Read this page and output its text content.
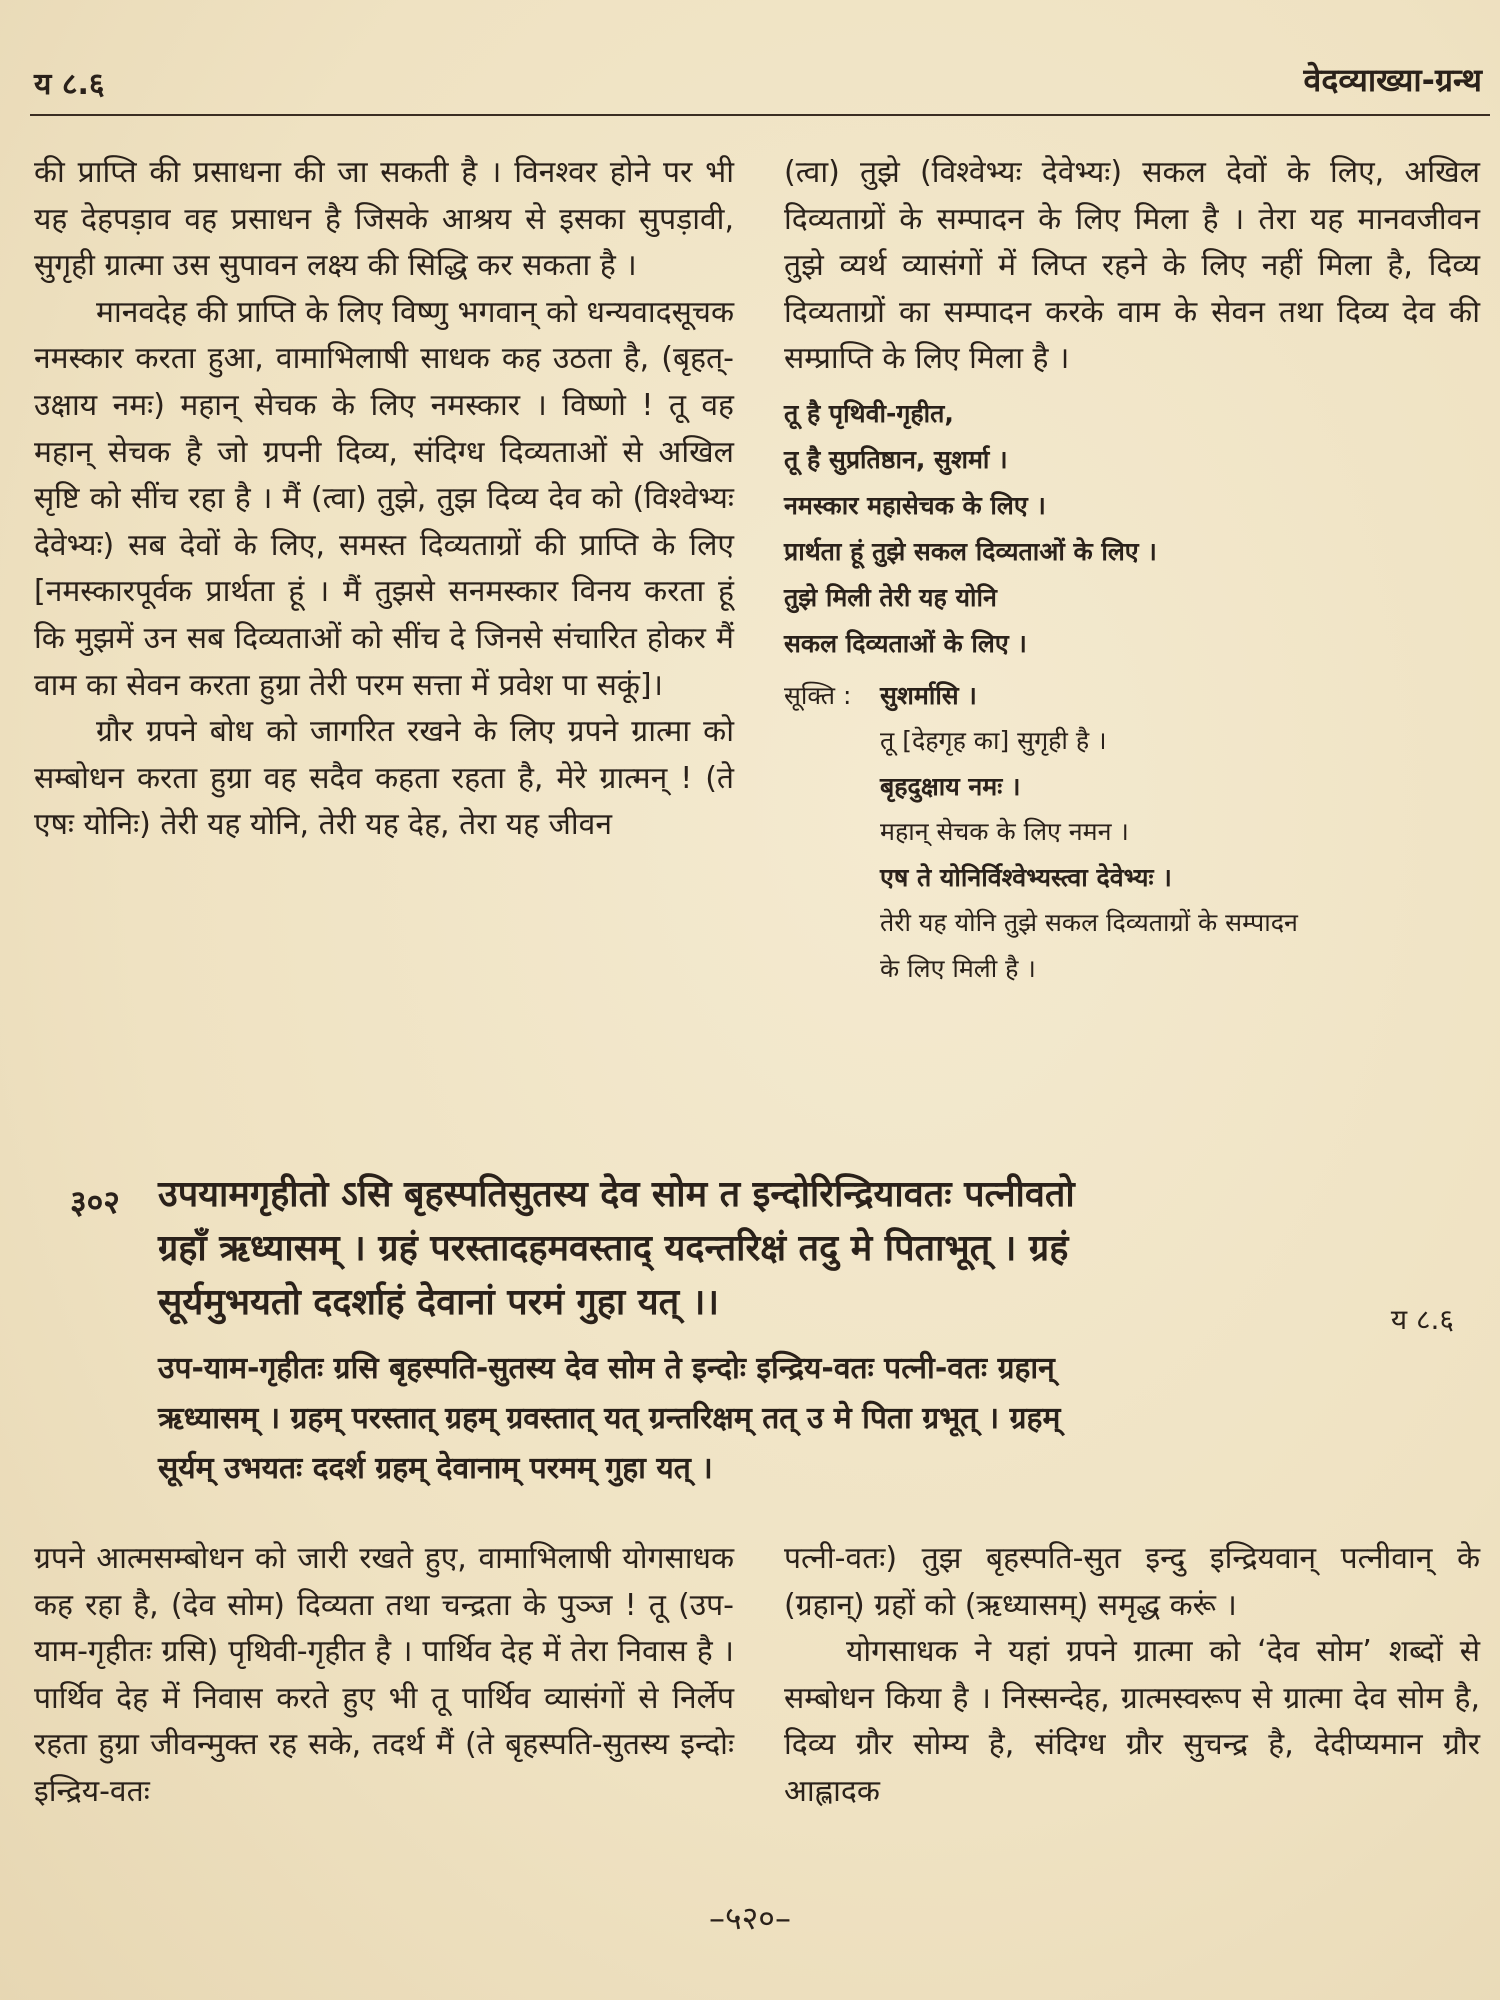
य ८.६	वेदव्याख्या-ग्रन्थ

की प्राप्ति की प्रसाधना की जा सकती है । विनश्वर होने पर भी यह देहपड़ाव वह प्रसाधन है जिसके आश्रय से इसका सुपड़ावी, सुगृही ग्रात्मा उस सुपावन लक्ष्य की सिद्धि कर सकता है ।

मानवदेह की प्राप्ति के लिए विष्णु भगवान् को धन्यवादसूचक नमस्कार करता हुआ, वामाभिलाषी साधक कह उठता है, (बृहत्-उक्षाय नमः) महान् सेचक के लिए नमस्कार । विष्णो ! तू वह महान् सेचक है जो ग्रपनी दिव्य, संदिग्ध दिव्यताओं से अखिल सृष्टि को सींच रहा है । मैं (त्वा) तुझे, तुझ दिव्य देव को (विश्वेभ्यः देवेभ्यः) सब देवों के लिए, समस्त दिव्यताग्रों की प्राप्ति के लिए [नमस्कारपूर्वक प्रार्थता हूं । मैं तुझसे सनमस्कार विनय करता हूं कि मुझमें उन सब दिव्यताओं को सींच दे जिनसे संचारित होकर मैं वाम का सेवन करता हुग्रा तेरी परम सत्ता में प्रवेश पा सकूं]।

ग्रौर ग्रपने बोध को जागरित रखने के लिए ग्रपने ग्रात्मा को सम्बोधन करता हुग्रा वह सदैव कहता रहता है, मेरे ग्रात्मन् ! (ते एषः योनिः) तेरी यह योनि, तेरी यह देह, तेरा यह जीवन

(त्वा) तुझे (विश्वेभ्यः देवेभ्यः) सकल देवों के लिए, अखिल दिव्यताग्रों के सम्पादन के लिए मिला है । तेरा यह मानवजीवन तुझे व्यर्थ व्यासंगों में लिप्त रहने के लिए नहीं मिला है, दिव्य दिव्यताग्रों का सम्पादन करके वाम के सेवन तथा दिव्य देव की सम्प्राप्ति के लिए मिला है ।

तू है पृथिवी-गृहीत,
तू है सुप्रतिष्ठान, सुशर्मा ।
नमस्कार महासेचक के लिए ।
प्रार्थता हूं तुझे सकल दिव्यताओं के लिए ।
तुझे मिली तेरी यह योनि
सकल दिव्यताओं के लिए ।
सूक्ति : सुशर्मासि ।
तू [देहगृह का] सुगृही है ।
बृहदुक्षाय नमः ।
महान् सेचक के लिए नमन ।
एष ते योनिर्विश्वेभ्यस्त्वा देवेभ्यः ।
तेरी यह योनि तुझे सकल दिव्यताग्रों के सम्पादन
के लिए मिली है ।
३०२ उपयामगृहीतो ऽसि बृहस्पतिसुतस्य देव सोम त इन्दोरिन्द्रियावतः पत्नीवतो
ग्रहाँ ऋध्यासम् । ग्रहं परस्तादहमवस्ताद् यदन्तरिक्षं तदु मे पिताभूत् । ग्रहं
सूर्यमुभयतो ददर्शाहं देवानां परमं गुहा यत् ।।	य ८.६
उप-याम-गृहीतः ग्रसि बृहस्पति-सुतस्य देव सोम ते इन्दोः इन्द्रिय-वतः पत्नी-वतः ग्रहान्
ऋध्यासम् । ग्रहम् परस्तात् ग्रहम् ग्रवस्तात् यत् ग्रन्तरिक्षम् तत् उ मे पिता ग्रभूत् । ग्रहम्
सूर्यम् उभयतः ददर्श ग्रहम् देवानाम् परमम् गुहा यत् ।

ग्रपने आत्मसम्बोधन को जारी रखते हुए, वामाभिलाषी योगसाधक कह रहा है, (देव सोम) दिव्यता तथा चन्द्रता के पुञ्ज ! तू (उप-याम-गृहीतः ग्रसि) पृथिवी-गृहीत है । पार्थिव देह में तेरा निवास है । पार्थिव देह में निवास करते हुए भी तू पार्थिव व्यासंगों से निर्लेप रहता हुग्रा जीवन्मुक्त रह सके, तदर्थ मैं (ते बृहस्पति-सुतस्य इन्दोः इन्द्रिय-वतः

पत्नी-वतः) तुझ बृहस्पति-सुत इन्दु इन्द्रियवान् पत्नीवान् के (ग्रहान्) ग्रहों को (ऋध्यासम्) समृद्ध करूं ।

योगसाधक ने यहां ग्रपने ग्रात्मा को ‘देव सोम’ शब्दों से सम्बोधन किया है । निस्सन्देह, ग्रात्मस्वरूप से ग्रात्मा देव सोम है, दिव्य ग्रौर सोम्य है, संदिग्ध ग्रौर सुचन्द्र है, देदीप्यमान ग्रौर आह्लादक

–५२०–
